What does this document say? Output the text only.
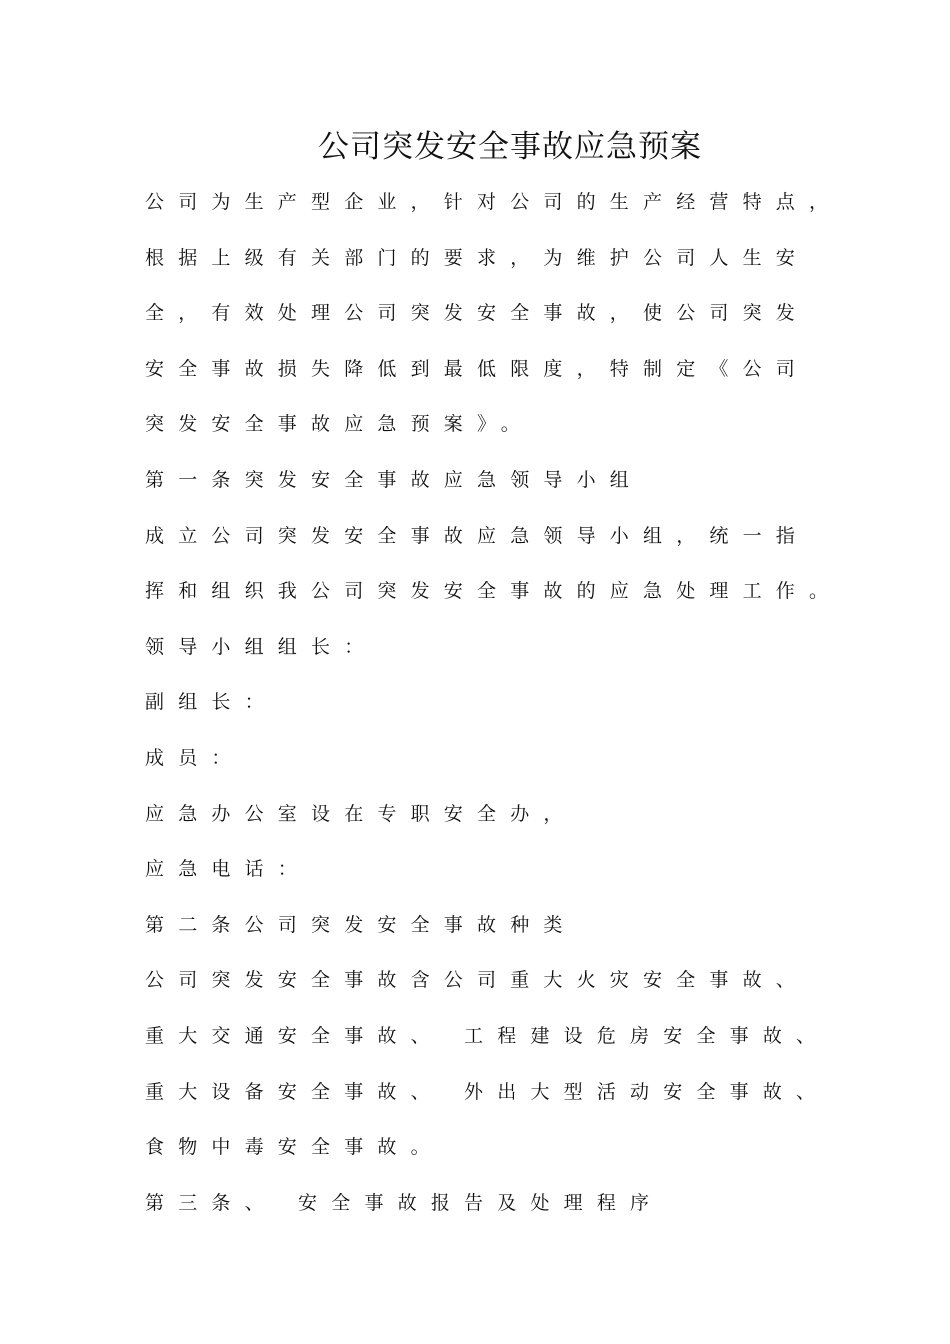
公司突发安全事故应急预案
公司为生产型企业，针对公司的生产经营特点，
根据上级有关部门的要求，为维护公司人生安
全，有效处理公司突发安全事故，使公司突发
安全事故损失降低到最低限度，特制定《公司
突发安全事故应急预案》。
第一条突发安全事故应急领导小组
成立公司突发安全事故应急领导小组，统一指
挥和组织我公司突发安全事故的应急处理工作。
领导小组组长：
副组长：
成员：
应急办公室设在专职安全办，
应急电话：
第二条公司突发安全事故种类
公司突发安全事故含公司重大火灾安全事故、
重大交通安全事故、 工程建设危房安全事故、
重大设备安全事故、 外出大型活动安全事故、
食物中毒安全事故。
第三条、 安全事故报告及处理程序
